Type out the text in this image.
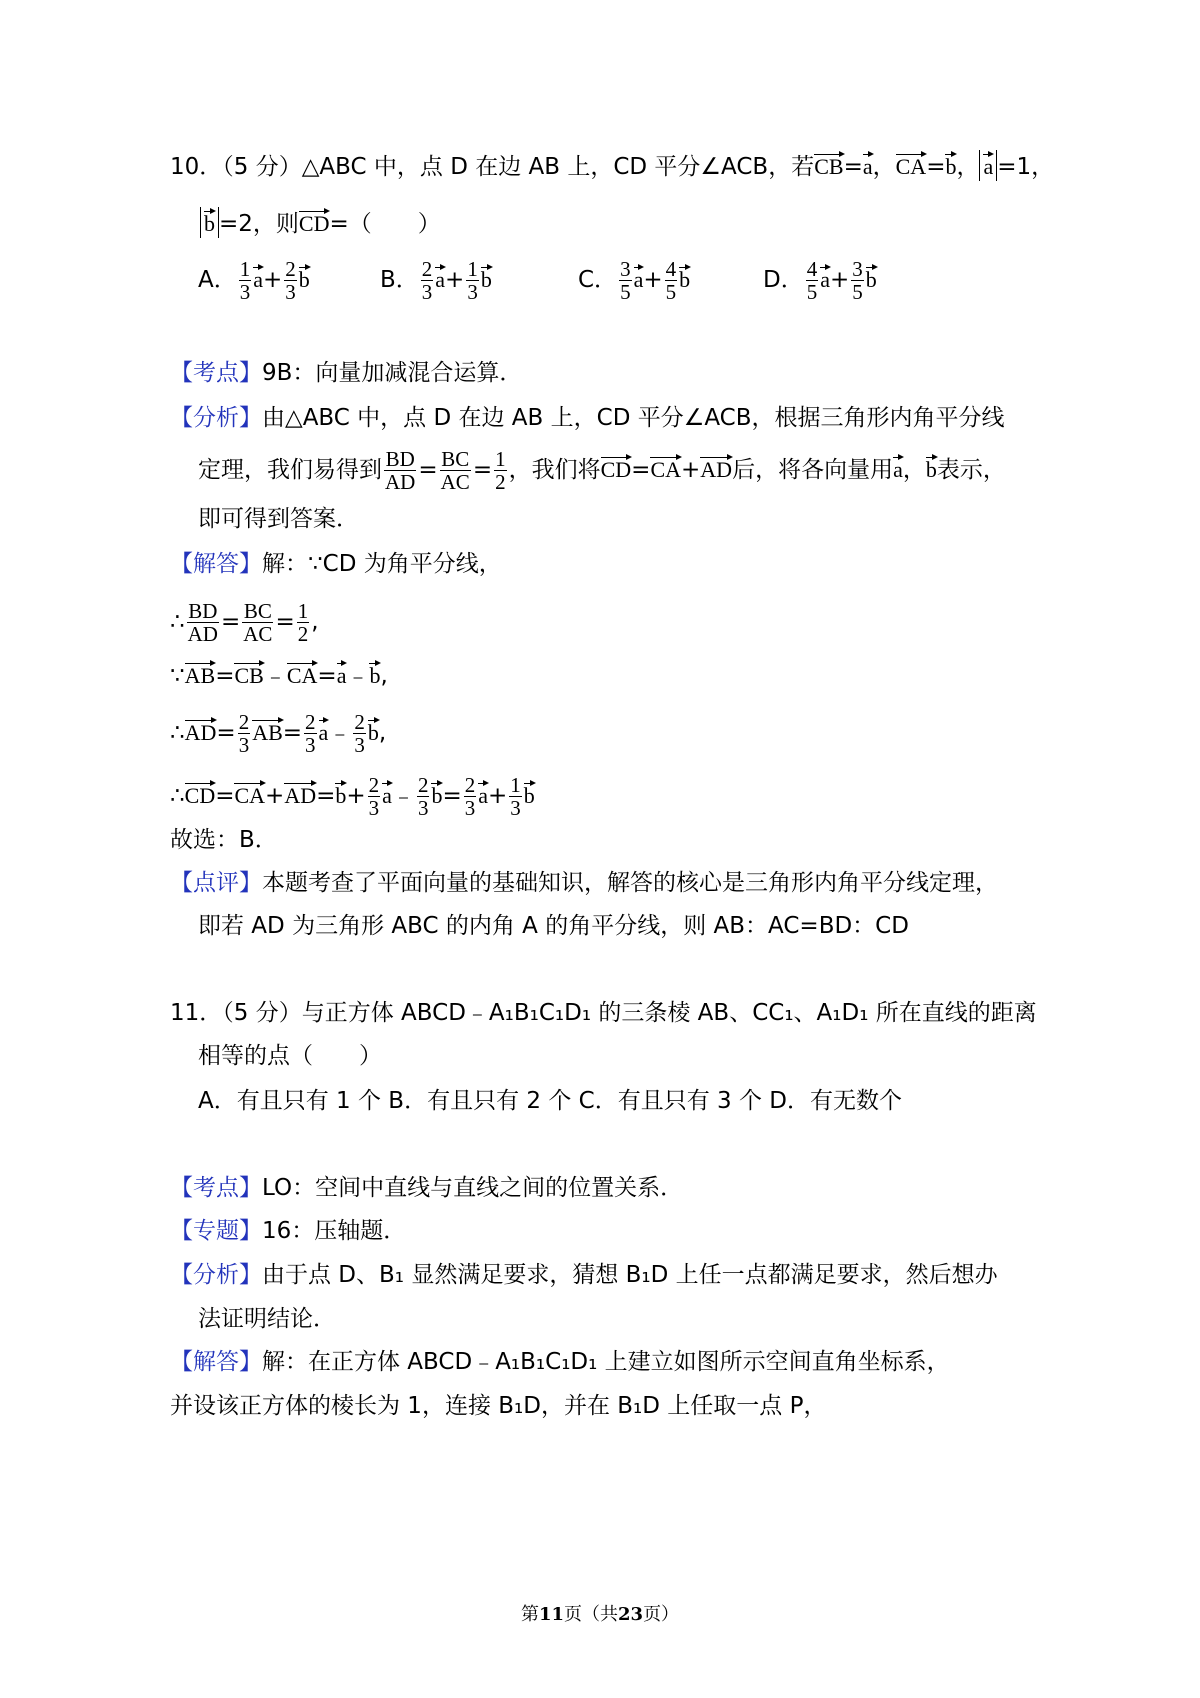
10．（5 分）△ABC 中，点 D 在边 AB 上，CD 平分∠ACB，若CB=a，CA=b， a =1，
b =2，则CD=（　　）
A． $\frac{1}{3} a+ \frac{2}{3}$ b	B． $\frac{2}{3} a+ \frac{1}{3}$ b	C． $\frac{3}{5} a+ \frac{4}{5}$ b	D． $\frac{4}{5} a+ \frac{3}{5}$ b
【考点】9B：向量加减混合运算．
【分析】由△ABC 中，点 D 在边 AB 上，CD 平分∠ACB，根据三角形内角平分线
定理，我们易得到 $\frac{BD}{AD} = \frac{BC}{AC} = \frac{1}{2}$ ，我们将CD=CA+AD后，将各向量用a，b表示，
即可得到答案．
【解答】解：∵CD 为角平分线，
∴ $\frac{BD}{AD} = \frac{BC}{AC} = \frac{1}{2}$ ,
∵AB=CB﹣CA=a﹣b,
∴AD= $\frac{2}{3} AB= \frac{2}{3}$ a﹣ $\frac{2}{3} b$,
∴CD=CA+AD=b+ $\frac{2}{3}$ a﹣ $\frac{2}{3} b= \frac{2}{3} a+ \frac{1}{3}$ b
故选：B．
【点评】本题考查了平面向量的基础知识，解答的核心是三角形内角平分线定理，
即若 AD 为三角形 ABC 的内角 A 的角平分线，则 AB：AC=BD：CD
11．（5 分）与正方体 ABCD﹣A₁B₁C₁D₁ 的三条棱 AB、CC₁、A₁D₁ 所在直线的距离
相等的点（　　）
A．有且只有 1 个 B．有且只有 2 个 C．有且只有 3 个 D．有无数个
【考点】LO：空间中直线与直线之间的位置关系．
【专题】16：压轴题．
【分析】由于点 D、B₁ 显然满足要求，猜想 B₁D 上任一点都满足要求，然后想办
法证明结论．
【解答】解：在正方体 ABCD﹣A₁B₁C₁D₁ 上建立如图所示空间直角坐标系，
并设该正方体的棱长为 1，连接 B₁D，并在 B₁D 上任取一点 P，
第11页（共23页）
